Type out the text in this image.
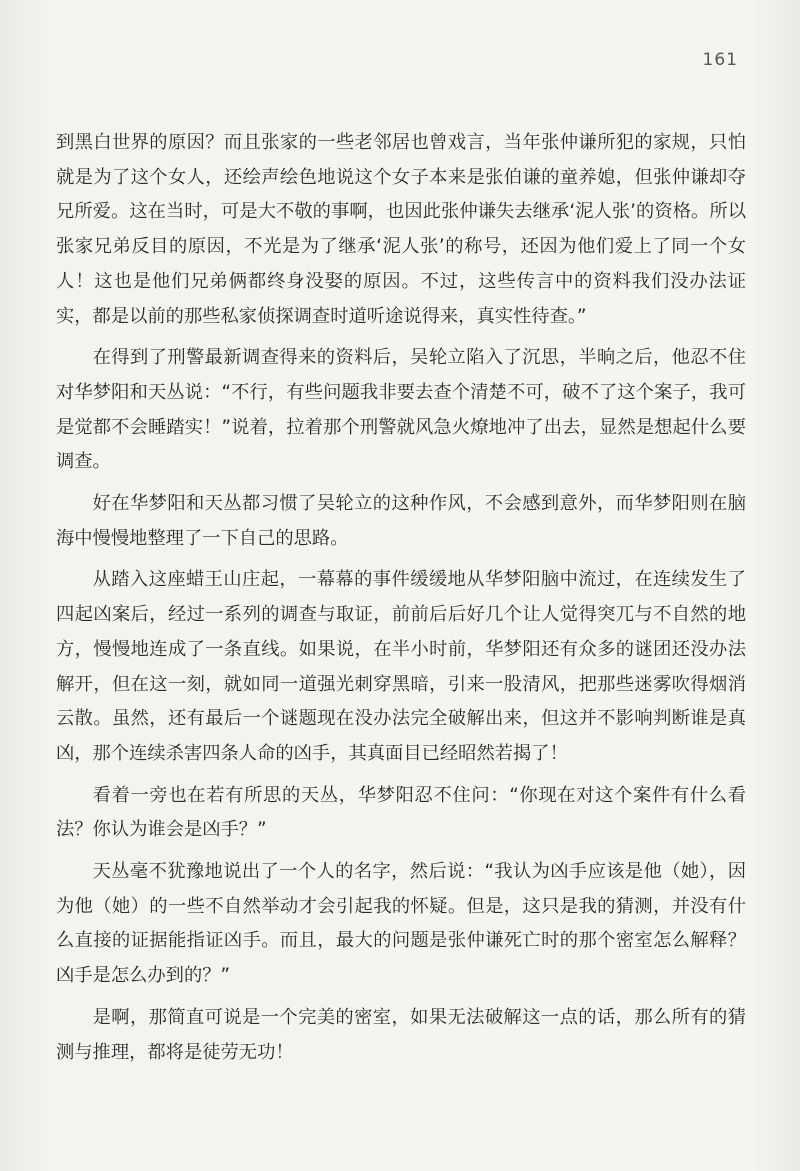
161

到黑白世界的原因？而且张家的一些老邻居也曾戏言，当年张仲谦所犯的家规，只怕就是为了这个女人，还绘声绘色地说这个女子本来是张伯谦的童养媳，但张仲谦却夺兄所爱。这在当时，可是大不敬的事啊，也因此张仲谦失去继承‘泥人张’的资格。所以张家兄弟反目的原因，不光是为了继承‘泥人张’的称号，还因为他们爱上了同一个女人！这也是他们兄弟俩都终身没娶的原因。不过，这些传言中的资料我们没办法证实，都是以前的那些私家侦探调查时道听途说得来，真实性待查。”

在得到了刑警最新调查得来的资料后，吴轮立陷入了沉思，半晌之后，他忍不住对华梦阳和天丛说：“不行，有些问题我非要去查个清楚不可，破不了这个案子，我可是觉都不会睡踏实！”说着，拉着那个刑警就风急火燎地冲了出去，显然是想起什么要调查。

好在华梦阳和天丛都习惯了吴轮立的这种作风，不会感到意外，而华梦阳则在脑海中慢慢地整理了一下自己的思路。

从踏入这座蜡王山庄起，一幕幕的事件缓缓地从华梦阳脑中流过，在连续发生了四起凶案后，经过一系列的调查与取证，前前后后好几个让人觉得突兀与不自然的地方，慢慢地连成了一条直线。如果说，在半小时前，华梦阳还有众多的谜团还没办法解开，但在这一刻，就如同一道强光刺穿黑暗，引来一股清风，把那些迷雾吹得烟消云散。虽然，还有最后一个谜题现在没办法完全破解出来，但这并不影响判断谁是真凶，那个连续杀害四条人命的凶手，其真面目已经昭然若揭了！

看着一旁也在若有所思的天丛，华梦阳忍不住问：“你现在对这个案件有什么看法？你认为谁会是凶手？”

天丛毫不犹豫地说出了一个人的名字，然后说：“我认为凶手应该是他（她），因为他（她）的一些不自然举动才会引起我的怀疑。但是，这只是我的猜测，并没有什么直接的证据能指证凶手。而且，最大的问题是张仲谦死亡时的那个密室怎么解释？凶手是怎么办到的？”

是啊，那简直可说是一个完美的密室，如果无法破解这一点的话，那么所有的猜测与推理，都将是徒劳无功！
